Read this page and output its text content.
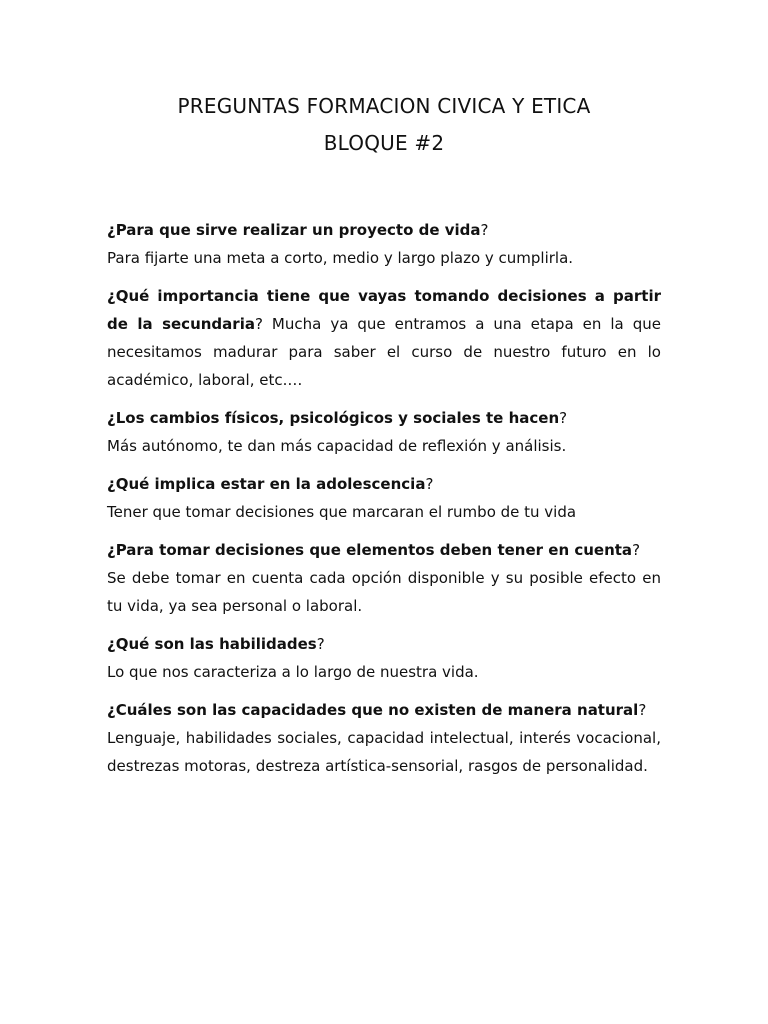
PREGUNTAS FORMACION CIVICA Y ETICA
BLOQUE #2

¿Para que sirve realizar un proyecto de vida?

Para fijarte una meta a corto, medio y largo plazo y cumplirla.

¿Qué importancia tiene que vayas tomando decisiones a partir de la secundaria? Mucha ya que entramos a una etapa en la que necesitamos madurar para saber el curso de nuestro futuro en lo académico, laboral, etc.…

¿Los cambios físicos, psicológicos y sociales te hacen?

Más autónomo, te dan más capacidad de reflexión y análisis.

¿Qué implica estar en la adolescencia?

Tener que tomar decisiones que marcaran el rumbo de tu vida

¿Para tomar decisiones que elementos deben tener en cuenta?

Se debe tomar en cuenta cada opción disponible y su posible efecto en tu vida, ya sea personal o laboral.

¿Qué son las habilidades?

Lo que nos caracteriza a lo largo de nuestra vida.

¿Cuáles son las capacidades que no existen de manera natural?

Lenguaje, habilidades sociales, capacidad intelectual, interés vocacional, destrezas motoras, destreza artística-sensorial, rasgos de personalidad.
